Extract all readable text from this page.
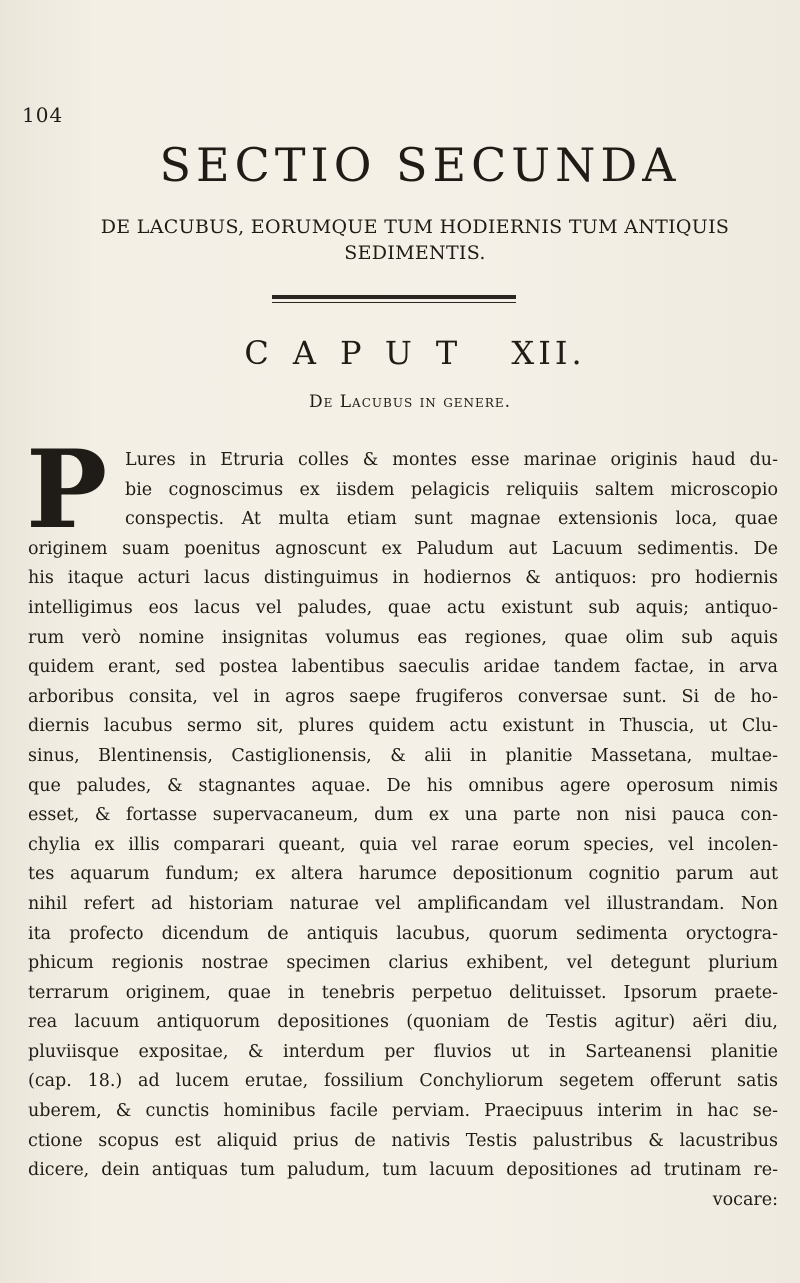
104
SECTIO SECUNDA
DE LACUBUS, EORUMQUE TUM HODIERNIS TUM ANTIQUIS SEDIMENTIS.
CAPUT XII.
De Lacubus in genere.
P	Lures in Etruria colles & montes esse marinae originis haud du-
bie cognoscimus ex iisdem pelagicis reliquiis saltem microscopio
conspectis. At multa etiam sunt magnae extensionis loca, quae
originem suam poenitus agnoscunt ex Paludum aut Lacuum sedimentis. De
his itaque acturi lacus distinguimus in hodiernos & antiquos: pro hodiernis
intelligimus eos lacus vel paludes, quae actu existunt sub aquis; antiquo-
rum verò nomine insignitas volumus eas regiones, quae olim sub aquis
quidem erant, sed postea labentibus saeculis aridae tandem factae, in arva
arboribus consita, vel in agros saepe frugiferos conversae sunt. Si de ho-
diernis lacubus sermo sit, plures quidem actu existunt in Thuscia, ut Clu-
sinus, Blentinensis, Castiglionensis, & alii in planitie Massetana, multae-
que paludes, & stagnantes aquae. De his omnibus agere operosum nimis
esset, & fortasse supervacaneum, dum ex una parte non nisi pauca con-
chylia ex illis comparari queant, quia vel rarae eorum species, vel incolen-
tes aquarum fundum; ex altera harumce depositionum cognitio parum aut
nihil refert ad historiam naturae vel amplificandam vel illustrandam. Non
ita profecto dicendum de antiquis lacubus, quorum sedimenta oryctogra-
phicum regionis nostrae specimen clarius exhibent, vel detegunt plurium
terrarum originem, quae in tenebris perpetuo delituisset. Ipsorum praete-
rea lacuum antiquorum depositiones (quoniam de Testis agitur) aëri diu,
pluviisque expositae, & interdum per fluvios ut in Sarteanensi planitie
(cap. 18.) ad lucem erutae, fossilium Conchyliorum segetem offerunt satis
uberem, & cunctis hominibus facile perviam. Praecipuus interim in hac se-
ctione scopus est aliquid prius de nativis Testis palustribus & lacustribus
dicere, dein antiquas tum paludum, tum lacuum depositiones ad trutinam re-
vocare:
